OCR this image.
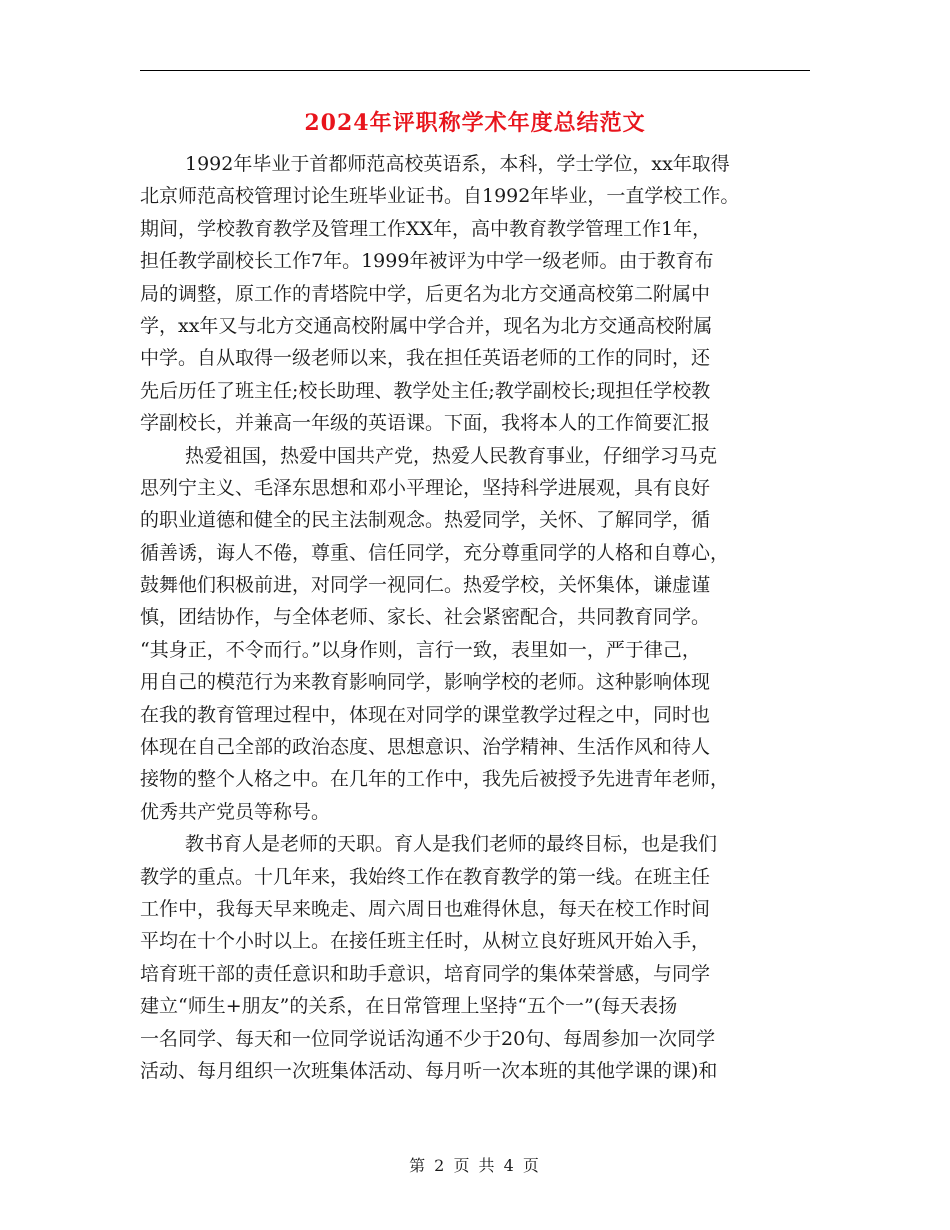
2024年评职称学术年度总结范文

1992年毕业于首都师范高校英语系，本科，学士学位，xx年取得
北京师范高校管理讨论生班毕业证书。自1992年毕业，一直学校工作。
期间，学校教育教学及管理工作XX年，高中教育教学管理工作1年，
担任教学副校长工作7年。1999年被评为中学一级老师。由于教育布
局的调整，原工作的青塔院中学，后更名为北方交通高校第二附属中
学，xx年又与北方交通高校附属中学合并，现名为北方交通高校附属
中学。自从取得一级老师以来，我在担任英语老师的工作的同时，还
先后历任了班主任;校长助理、教学处主任;教学副校长;现担任学校教
学副校长，并兼高一年级的英语课。下面，我将本人的工作简要汇报

热爱祖国，热爱中国共产党，热爱人民教育事业，仔细学习马克
思列宁主义、毛泽东思想和邓小平理论，坚持科学进展观，具有良好
的职业道德和健全的民主法制观念。热爱同学，关怀、了解同学，循
循善诱，诲人不倦，尊重、信任同学，充分尊重同学的人格和自尊心，
鼓舞他们积极前进，对同学一视同仁。热爱学校，关怀集体，谦虚谨
慎，团结协作，与全体老师、家长、社会紧密配合，共同教育同学。
“其身正，不令而行。”以身作则，言行一致，表里如一，严于律己，
用自己的模范行为来教育影响同学，影响学校的老师。这种影响体现
在我的教育管理过程中，体现在对同学的课堂教学过程之中，同时也
体现在自己全部的政治态度、思想意识、治学精神、生活作风和待人
接物的整个人格之中。在几年的工作中，我先后被授予先进青年老师，
优秀共产党员等称号。

教书育人是老师的天职。育人是我们老师的最终目标，也是我们
教学的重点。十几年来，我始终工作在教育教学的第一线。在班主任
工作中，我每天早来晚走、周六周日也难得休息，每天在校工作时间
平均在十个小时以上。在接任班主任时，从树立良好班风开始入手，
培育班干部的责任意识和助手意识，培育同学的集体荣誉感，与同学
建立“师生+朋友”的关系，在日常管理上坚持“五个一”(每天表扬
一名同学、每天和一位同学说话沟通不少于20句、每周参加一次同学
活动、每月组织一次班集体活动、每月听一次本班的其他学课的课)和

第 2 页 共 4 页
